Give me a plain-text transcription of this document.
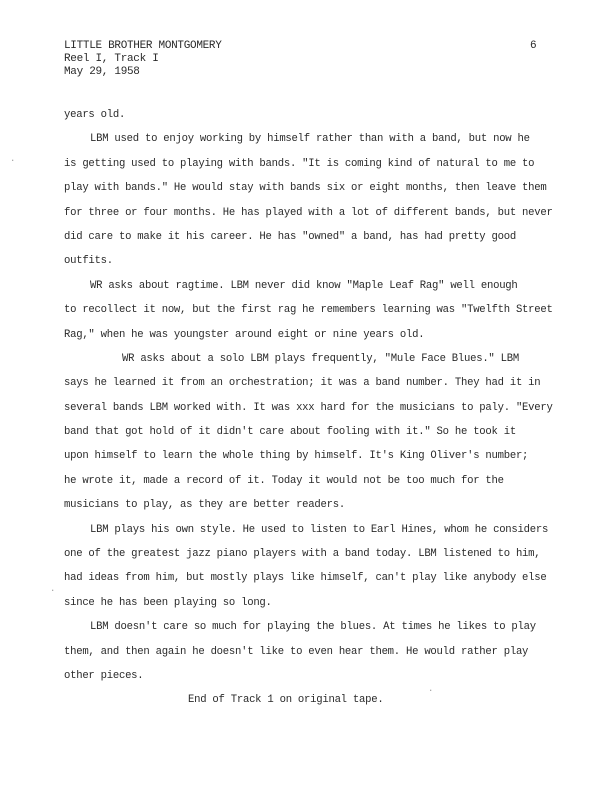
LITTLE BROTHER MONTGOMERY
Reel I, Track I
May 29, 1958
6
years old.
LBM used to enjoy working by himself rather than with a band, but now he
is getting used to playing with bands. "It is coming kind of natural to me to
play with bands." He would stay with bands six or eight months, then leave them
for three or four months. He has played with a lot of different bands, but never
did care to make it his career. He has "owned" a band, has had pretty good
outfits.
WR asks about ragtime. LBM never did know "Maple Leaf Rag" well enough
to recollect it now, but the first rag he remembers learning was "Twelfth Street
Rag," when he was youngster around eight or nine years old.
WR asks about a solo LBM plays frequently, "Mule Face Blues." LBM
says he learned it from an orchestration; it was a band number. They had it in
several bands LBM worked with. It was xxx hard for the musicians to paly. "Every
band that got hold of it didn't care about fooling with it." So he took it
upon himself to learn the whole thing by himself. It's King Oliver's number;
he wrote it, made a record of it. Today it would not be too much for the
musicians to play, as they are better readers.
LBM plays his own style. He used to listen to Earl Hines, whom he considers
one of the greatest jazz piano players with a band today. LBM listened to him,
had ideas from him, but mostly plays like himself, can't play like anybody else
since he has been playing so long.
LBM doesn't care so much for playing the blues. At times he likes to play
them, and then again he doesn't like to even hear them. He would rather play
other pieces.
End of Track 1 on original tape.
·
·
·
